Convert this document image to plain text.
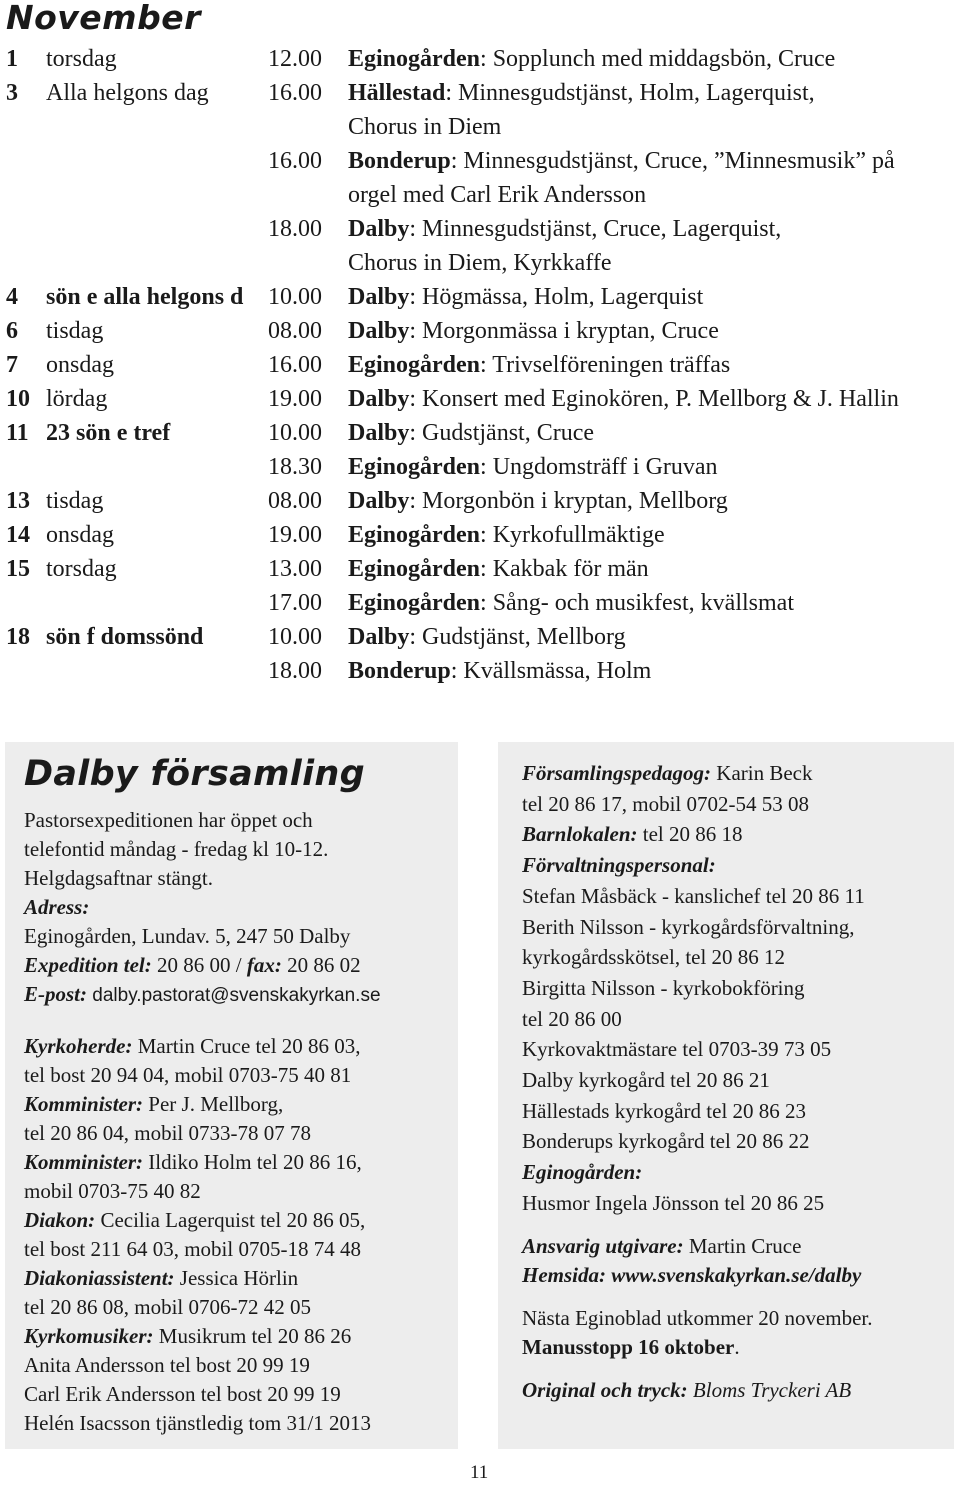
November
1 torsdag	12.00 Eginogården: Sopplunch med middagsbön, Cruce
3 Alla helgons dag 16.00 Hällestad: Minnesgudstjänst, Holm, Lagerquist,
Chorus in Diem
16.00 Bonderup: Minnesgudstjänst, Cruce, ”Minnesmusik” på
orgel med Carl Erik Andersson
18.00 Dalby: Minnesgudstjänst, Cruce, Lagerquist,
Chorus in Diem, Kyrkkaffe
4 sön e alla helgons d 10.00 Dalby: Högmässa, Holm, Lagerquist
6 tisdag	08.00 Dalby: Morgonmässa i kryptan, Cruce
7 onsdag	16.00 Eginogården: Trivselföreningen träffas
10 lördag	19.00 Dalby: Konsert med Eginokören, P. Mellborg & J. Hallin
11 23 sön e tref	10.00 Dalby: Gudstjänst, Cruce
18.30 Eginogården: Ungdomsträff i Gruvan
13 tisdag	08.00 Dalby: Morgonbön i kryptan, Mellborg
14 onsdag	19.00 Eginogården: Kyrkofullmäktige
15 torsdag	13.00 Eginogården: Kakbak för män
17.00 Eginogården: Sång- och musikfest, kvällsmat
18 sön f domssönd	10.00 Dalby: Gudstjänst, Mellborg
18.00 Bonderup: Kvällsmässa, Holm
Dalby församling
Pastorsexpeditionen har öppet och
telefontid måndag - fredag kl 10-12.
Helgdagsaftnar stängt.
Adress:
Eginogården, Lundav. 5, 247 50 Dalby
Expedition tel: 20 86 00 / fax: 20 86 02
E-post: dalby.pastorat@svenskakyrkan.se
Kyrkoherde: Martin Cruce tel 20 86 03,
tel bost 20 94 04, mobil 0703-75 40 81
Komminister: Per J. Mellborg,
tel 20 86 04, mobil 0733-78 07 78
Komminister: Ildiko Holm tel 20 86 16,
mobil 0703-75 40 82
Diakon: Cecilia Lagerquist tel 20 86 05,
tel bost 211 64 03, mobil 0705-18 74 48
Diakoniassistent: Jessica Hörlin
tel 20 86 08, mobil 0706-72 42 05
Kyrkomusiker: Musikrum tel 20 86 26
Anita Andersson tel bost 20 99 19
Carl Erik Andersson tel bost 20 99 19
Helén Isacsson tjänstledig tom 31/1 2013
Församlingspedagog: Karin Beck
tel 20 86 17, mobil 0702-54 53 08
Barnlokalen: tel 20 86 18
Förvaltningspersonal:
Stefan Måsbäck - kanslichef tel 20 86 11
Berith Nilsson - kyrkogårdsförvaltning,
kyrkogårdsskötsel, tel 20 86 12
Birgitta Nilsson - kyrkobokföring
tel 20 86 00
Kyrkovaktmästare tel 0703-39 73 05
Dalby kyrkogård tel 20 86 21
Hällestads kyrkogård tel 20 86 23
Bonderups kyrkogård tel 20 86 22
Eginogården:
Husmor Ingela Jönsson tel 20 86 25
Ansvarig utgivare: Martin Cruce
Hemsida: www.svenskakyrkan.se/dalby
Nästa Eginoblad utkommer 20 november.
Manusstopp 16 oktober.
Original och tryck: Bloms Tryckeri AB
11
